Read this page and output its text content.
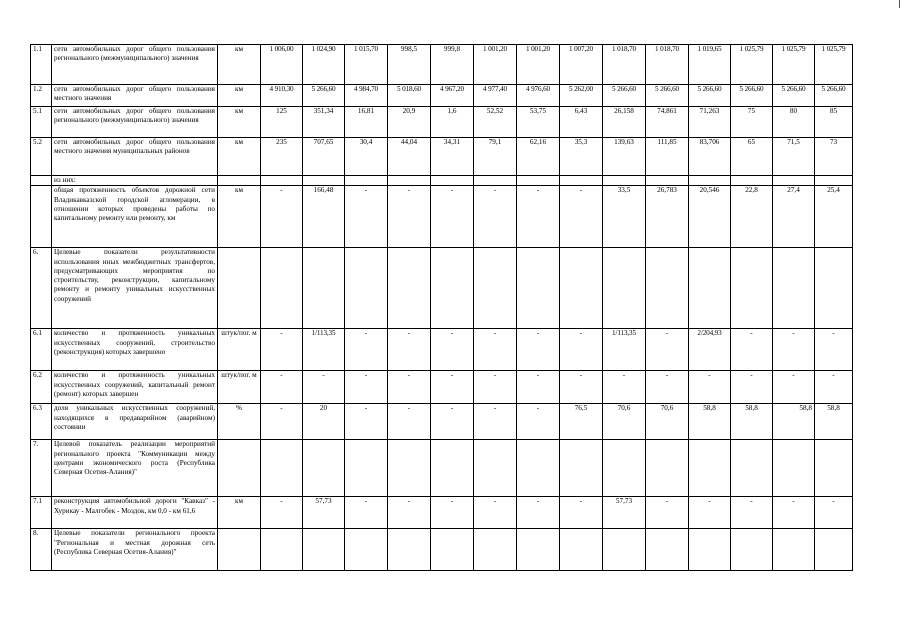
1.1	сети автомобильных дорог общего пользования регионального (межмуниципального) значения	км	1 006,00	1 024,90	1 015,70	998,5	999,8	1 001,20	1 001,20	1 007,20	1 018,70	1 018,70	1 019,65	1 025,79	1 025,79	1 025,79
1.2	сети автомобильных дорог общего пользования местного значения	км	4 910,30	5 266,60	4 984,70	5 018,60	4 967,20	4 977,40	4 976,60	5 262,00	5 266,60	5 266,60	5 266,60	5 266,60	5 266,60	5 266,60
5.1	сети автомобильных дорог общего пользования регионального (межмуниципального) значения	км	125	351,34	16,81	20,9	1,6	52,52	53,75	6,43	26,158	74,861	71,263	75	80	85
5.2	сети автомобильных дорог общего пользования местного значения муниципальных районов	км	235	707,65	30,4	44,04	34,31	79,1	62,16	35,3	139,63	111,85	83,706	65	71,5	73
	из них:															
	общая протяженность объектов дорожной сети Владикавказской городской агломерации, в отношении которых проведены работы по капитальному ремонту или ремонту, км	км	-	166,48	-	-	-	-	-	-	33,5	26,783	20,546	22,8	27,4	25,4
6.	Целевые показатели результативности использования иных межбюджетных трансфертов, предусматривающих мероприятия по строительству, реконструкции, капитальному ремонту и ремонту уникальных искусственных сооружений															
6.1	количество и протяженность уникальных искусственных сооружений, строительство (реконструкция) которых завершено	штук/пог. м	-	1/113,35	-	-	-	-	-	-	1/113,35	-	2/204,93	-	-	-
6.2	количество и протяженность уникальных искусственных сооружений, капитальный ремонт (ремонт) которых завершен	штук/пог. м	-	-	-	-	-	-	-	-	-	-	-	-	-	-
6.3	доля уникальных искусственных сооружений, находящихся в предаварийном (аварийном) состоянии	%	-	20	-	-	-	-	-	76,5	70,6	70,6	58,8	58,8	58,8	58,8
7.	Целевой показатель реализации мероприятий регионального проекта "Коммуникации между центрами экономического роста (Республика Северная Осетия-Алания)"															
7.1	реконструкция автомобильной дороги "Кавказ" - Хурикау - Малгобек - Моздок, км 0,0 - км 61,6	км	-	57,73	-	-	-	-	-	-	57,73	-	-	-	-	-
8.	Целевые показатели регионального проекта "Региональная и местная дорожная сеть (Республика Северная Осетия-Алания)"															
